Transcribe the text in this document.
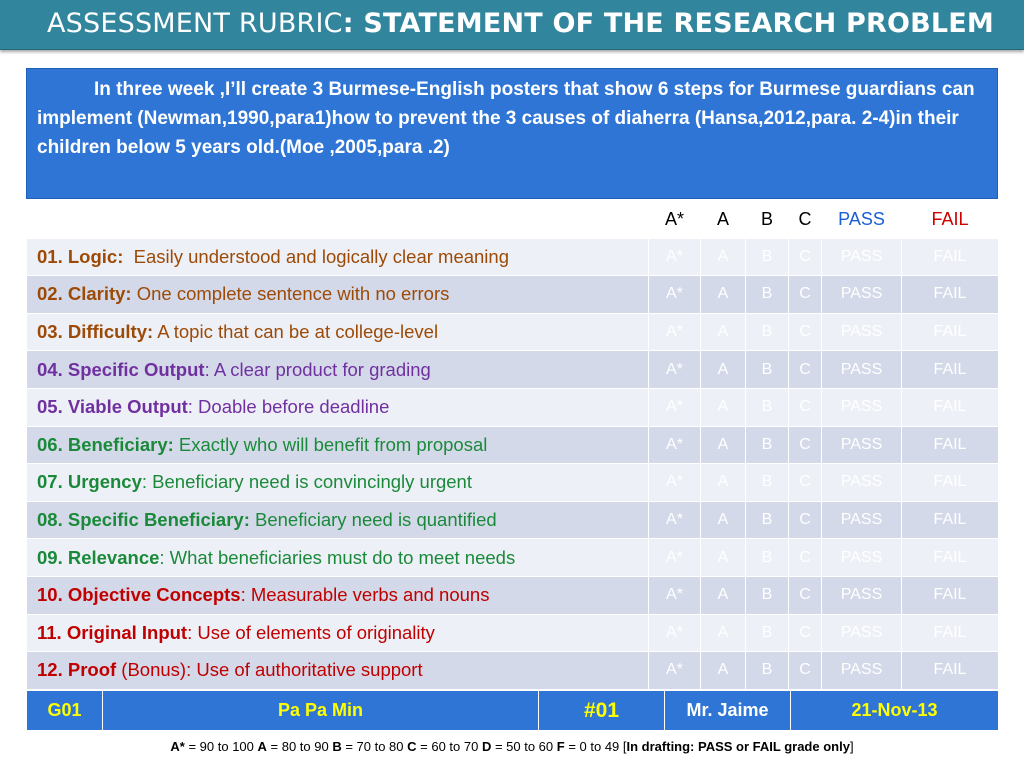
ASSESSMENT RUBRIC: STATEMENT OF THE RESEARCH PROBLEM
In three week ,I’ll create 3 Burmese-English posters that show 6 steps for Burmese guardians can implement (Newman,1990,para1)how to prevent the 3 causes of diaherra (Hansa,2012,para. 2-4)in their children below 5 years old.(Moe ,2005,para .2)
	A*	A	B	C	PASS	FAIL
01. Logic:  Easily understood and logically clear meaning	A*	A	B	C	PASS	FAIL
02. Clarity: One complete sentence with no errors	A*	A	B	C	PASS	FAIL
03. Difficulty: A topic that can be at college-level	A*	A	B	C	PASS	FAIL
04. Specific Output: A clear product for grading	A*	A	B	C	PASS	FAIL
05. Viable Output: Doable before deadline	A*	A	B	C	PASS	FAIL
06. Beneficiary: Exactly who will benefit from proposal	A*	A	B	C	PASS	FAIL
07. Urgency: Beneficiary need is convincingly urgent	A*	A	B	C	PASS	FAIL
08. Specific Beneficiary: Beneficiary need is quantified	A*	A	B	C	PASS	FAIL
09. Relevance: What beneficiaries must do to meet needs	A*	A	B	C	PASS	FAIL
10. Objective Concepts: Measurable verbs and nouns	A*	A	B	C	PASS	FAIL
11. Original Input: Use of elements of originality	A*	A	B	C	PASS	FAIL
12. Proof (Bonus): Use of authoritative support	A*	A	B	C	PASS	FAIL
G01	Pa Pa Min	#01	Mr. Jaime	21-Nov-13
A* = 90 to 100 A = 80 to 90 B = 70 to 80 C = 60 to 70 D = 50 to 60 F = 0 to 49 [In drafting: PASS or FAIL grade only]
